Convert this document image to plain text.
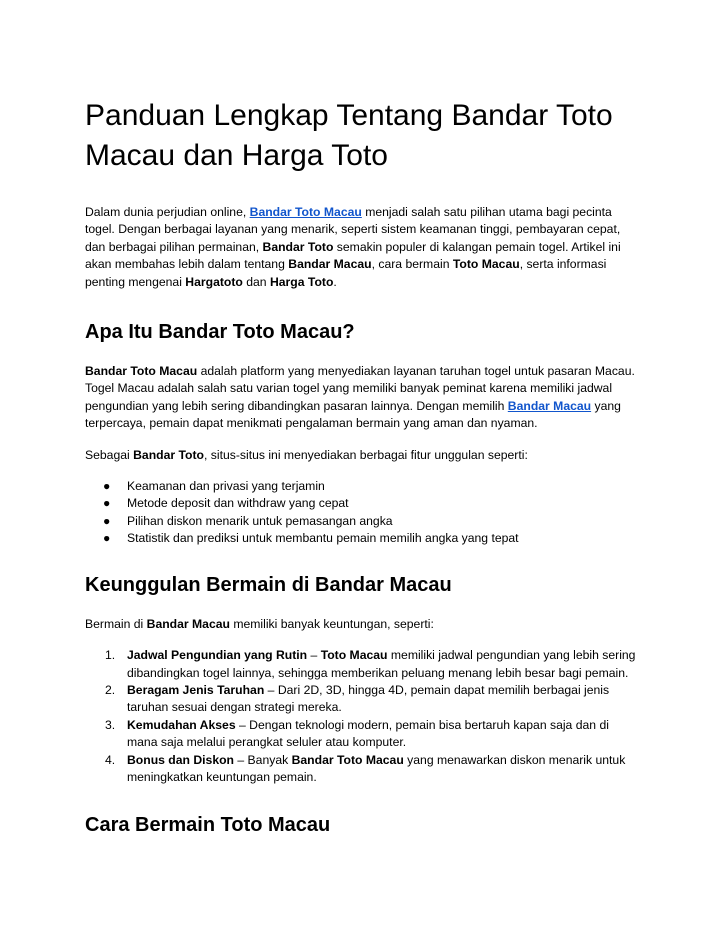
Panduan Lengkap Tentang Bandar Toto Macau dan Harga Toto

Dalam dunia perjudian online, Bandar Toto Macau menjadi salah satu pilihan utama bagi pecinta togel. Dengan berbagai layanan yang menarik, seperti sistem keamanan tinggi, pembayaran cepat, dan berbagai pilihan permainan, Bandar Toto semakin populer di kalangan pemain togel. Artikel ini akan membahas lebih dalam tentang Bandar Macau, cara bermain Toto Macau, serta informasi penting mengenai Hargatoto dan Harga Toto.

Apa Itu Bandar Toto Macau?

Bandar Toto Macau adalah platform yang menyediakan layanan taruhan togel untuk pasaran Macau. Togel Macau adalah salah satu varian togel yang memiliki banyak peminat karena memiliki jadwal pengundian yang lebih sering dibandingkan pasaran lainnya. Dengan memilih Bandar Macau yang terpercaya, pemain dapat menikmati pengalaman bermain yang aman dan nyaman.

Sebagai Bandar Toto, situs-situs ini menyediakan berbagai fitur unggulan seperti:

● Keamanan dan privasi yang terjamin
● Metode deposit dan withdraw yang cepat
● Pilihan diskon menarik untuk pemasangan angka
● Statistik dan prediksi untuk membantu pemain memilih angka yang tepat
Keunggulan Bermain di Bandar Macau

Bermain di Bandar Macau memiliki banyak keuntungan, seperti:

1. Jadwal Pengundian yang Rutin – Toto Macau memiliki jadwal pengundian yang lebih sering dibandingkan togel lainnya, sehingga memberikan peluang menang lebih besar bagi pemain.
2. Beragam Jenis Taruhan – Dari 2D, 3D, hingga 4D, pemain dapat memilih berbagai jenis taruhan sesuai dengan strategi mereka.
3. Kemudahan Akses – Dengan teknologi modern, pemain bisa bertaruh kapan saja dan di mana saja melalui perangkat seluler atau komputer.
4. Bonus dan Diskon – Banyak Bandar Toto Macau yang menawarkan diskon menarik untuk meningkatkan keuntungan pemain.
Cara Bermain Toto Macau
